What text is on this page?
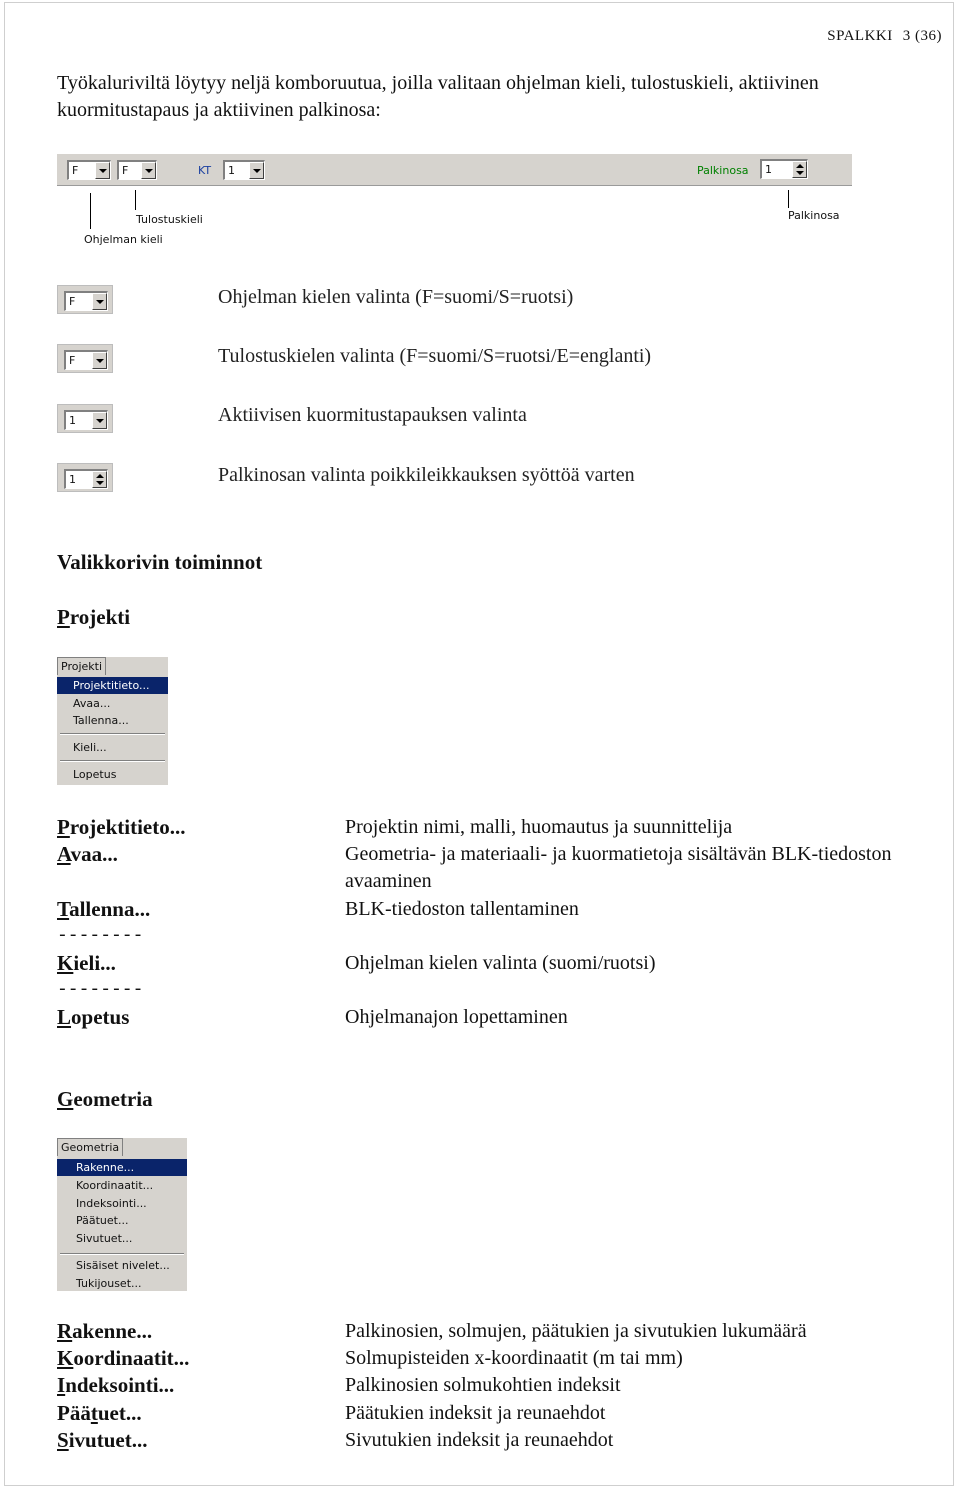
SPALKKI 3 (36)
Työkaluriviltä löytyy neljä komboruutua, joilla valitaan ohjelman kieli, tulostuskieli, aktiivinen kuormitustapaus ja aktiivinen palkinosa:
F	F	KT 1	Palkinosa 1
Ohjelman kieli
Tulostuskieli	Palkinosa
F	Ohjelman kielen valinta (F=suomi/S=ruotsi)
F	Tulostuskielen valinta (F=suomi/S=ruotsi/E=englanti)
1	Aktiivisen kuormitustapauksen valinta
1	Palkinosan valinta poikkileikkauksen syöttöä varten
Valikkorivin toiminnot
Projekti
Projekti
Projektitieto...
Avaa...
Tallenna...
Kieli...
Lopetus
Projektitieto...	Projektin nimi, malli, huomautus ja suunnittelija
Avaa...	Geometria- ja materiaali- ja kuormatietoja sisältävän BLK-tiedoston avaaminen
Tallenna...	BLK-tiedoston tallentaminen
--------
Kieli...	Ohjelman kielen valinta (suomi/ruotsi)
--------
Lopetus	Ohjelmanajon lopettaminen
Geometria
Geometria
Rakenne...
Koordinaatit...
Indeksointi...
Päätuet...
Sivutuet...
Sisäiset nivelet...
Tukijouset...
Rakenne...	Palkinosien, solmujen, päätukien ja sivutukien lukumäärä
Koordinaatit...	Solmupisteiden x-koordinaatit (m tai mm)
Indeksointi...	Palkinosien solmukohtien indeksit
Päätuet...	Päätukien indeksit ja reunaehdot
Sivutuet...	Sivutukien indeksit ja reunaehdot
